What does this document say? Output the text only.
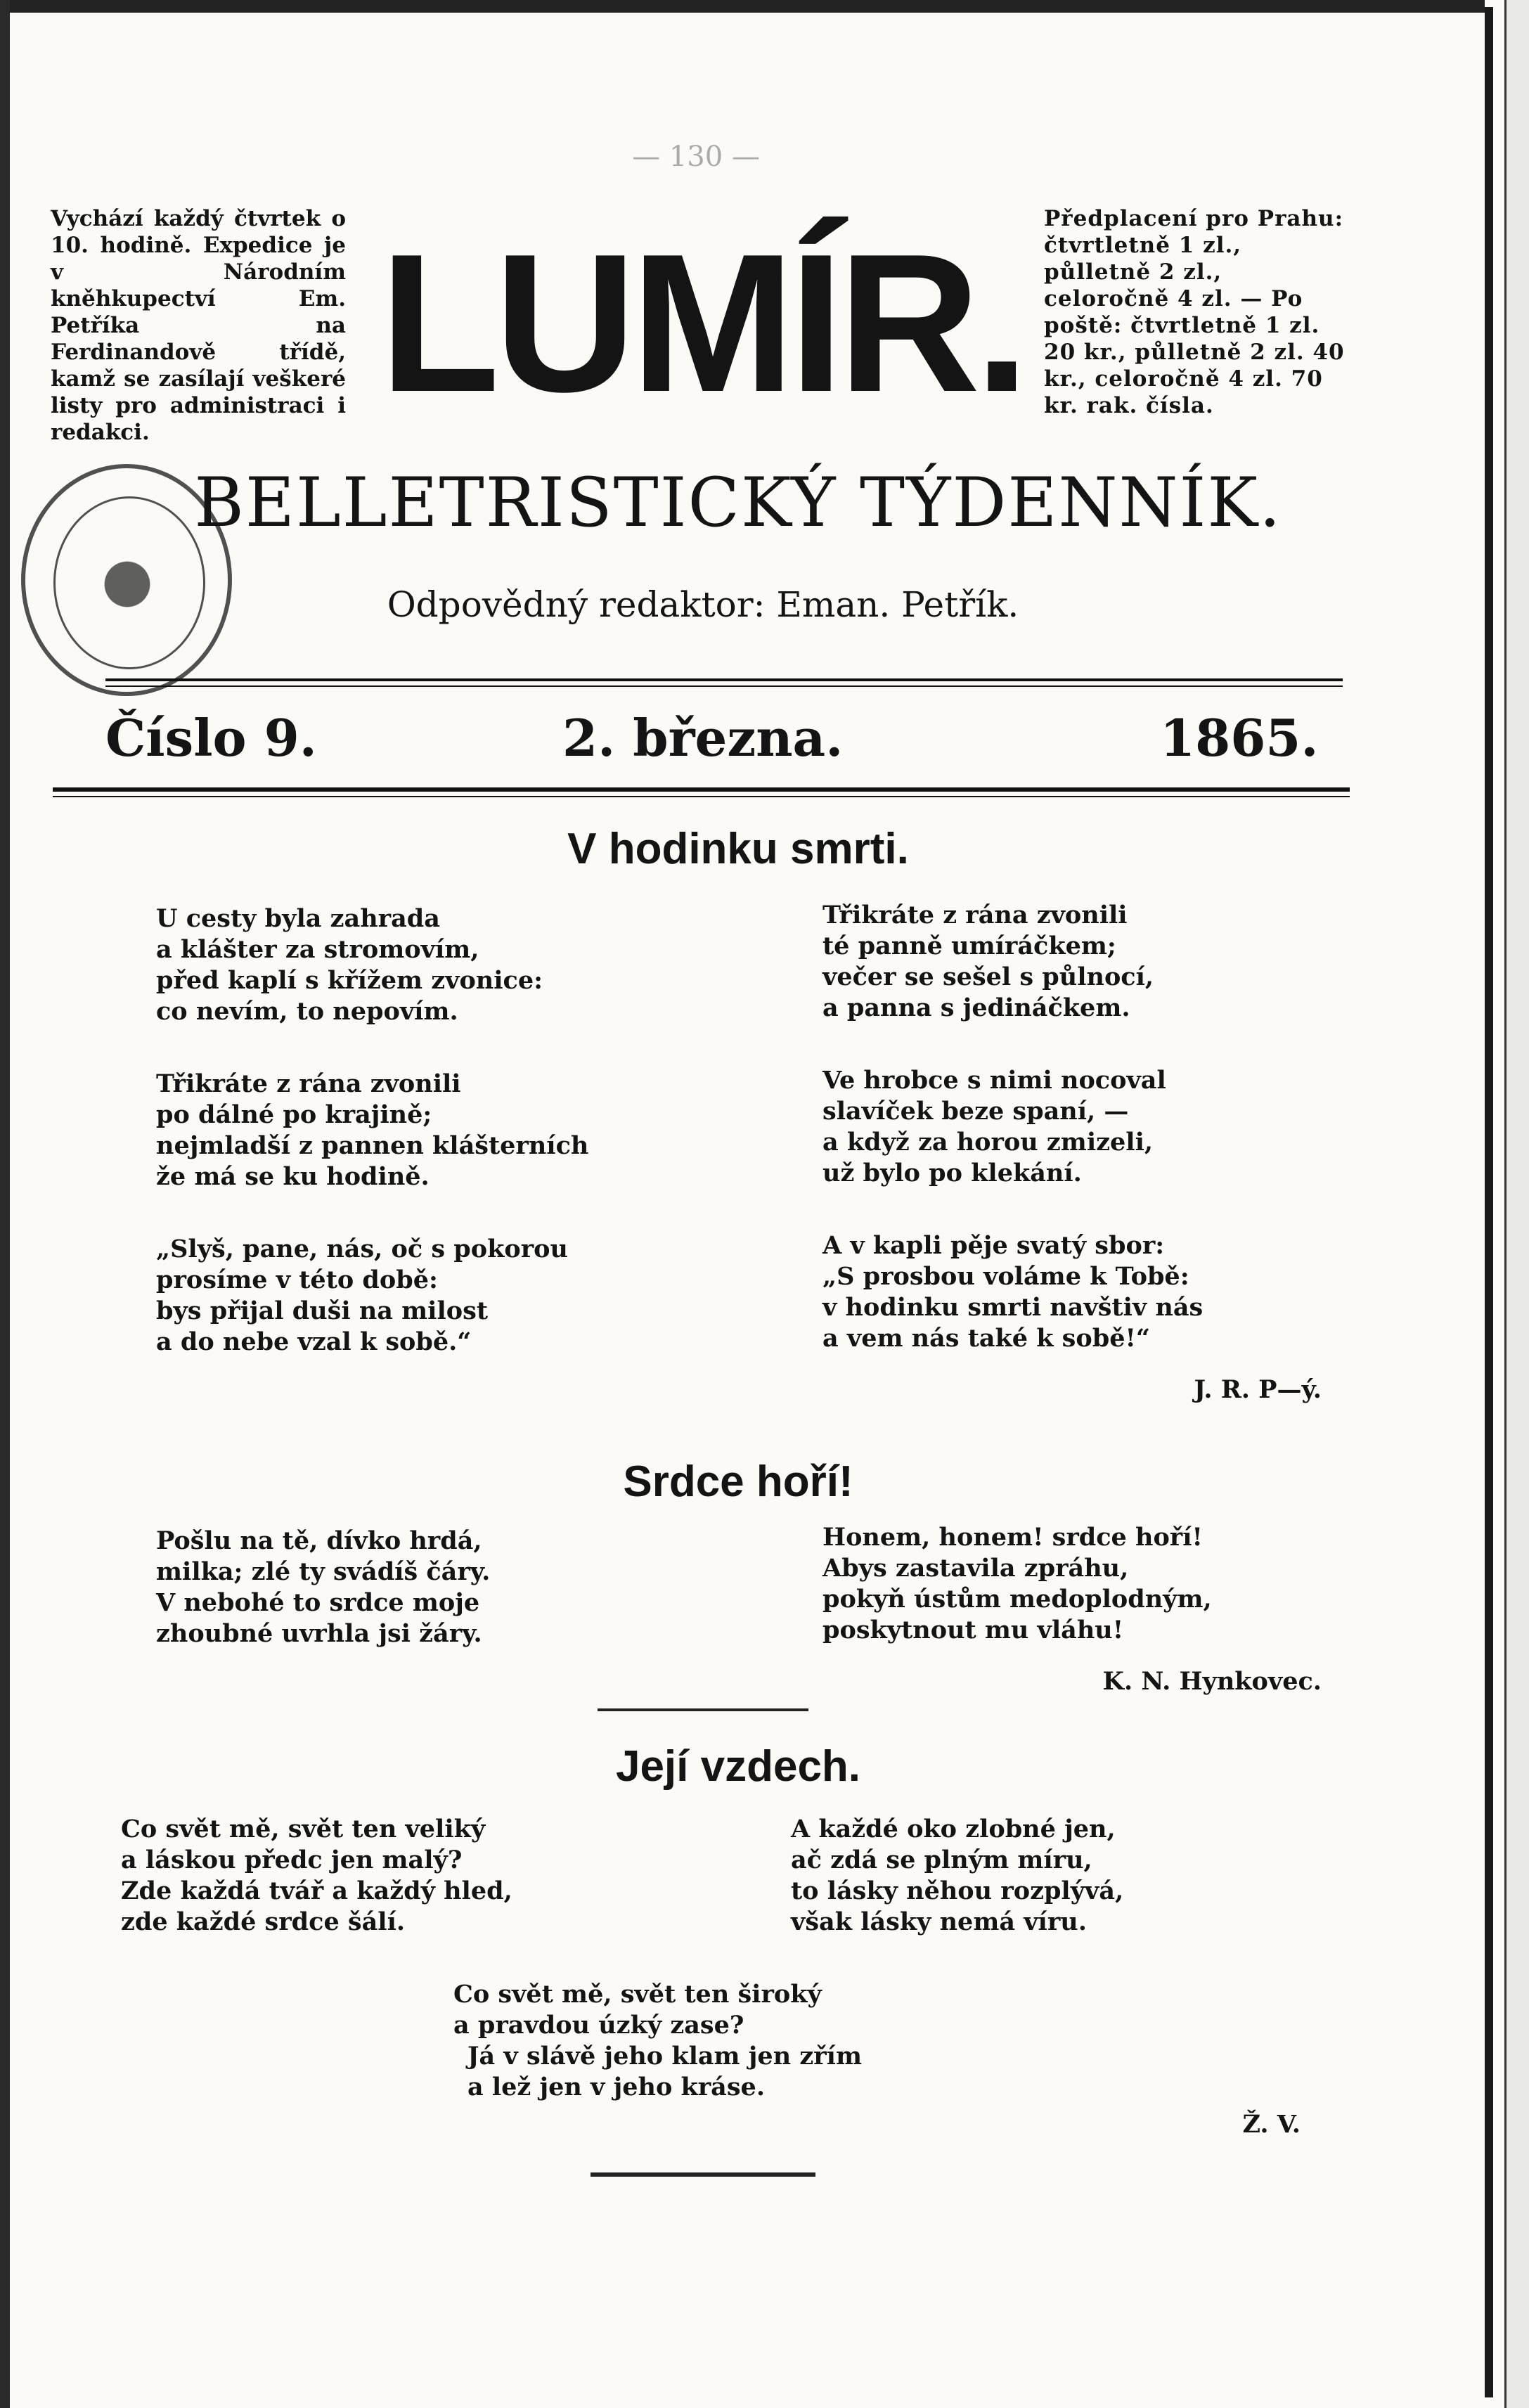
— 130 —
Vychází každý čtvrtek o 10. hodině. Expedice je v Národním kněhkupectví Em. Petříka na Ferdinandově třídě, kamž se zasílají veškeré listy pro administraci i redakci.	LUMÍR. Předplacení pro Prahu: čtvrtletně 1 zl., půlletně 2 zl., celoročně 4 zl. — Po poště: čtvrtletně 1 zl. 20 kr., půlletně 2 zl. 40 kr., celoročně 4 zl. 70 kr. rak. čísla.
BELLETRISTICKÝ TÝDENNÍK.
Odpovědný redaktor: Eman. Petřík.
Číslo 9.	2. března.	1865.
V hodinku smrti.
U cesty byla zahrada
a klášter za stromovím,
před kaplí s křížem zvonice:
co nevím, to nepovím.
Třikráte z rána zvonili
po dálné po krajině;
nejmladší z pannen klášterních
že má se ku hodině.
„Slyš, pane, nás, oč s pokorou
prosíme v této době:
bys přijal duši na milost
a do nebe vzal k sobě.“
Třikráte z rána zvonili
té panně umíráčkem;
večer se sešel s půlnocí,
a panna s jedináčkem.
Ve hrobce s nimi nocoval
slavíček beze spaní, —
a když za horou zmizeli,
už bylo po klekání.
A v kapli pěje svatý sbor:
„S prosbou voláme k Tobě:
v hodinku smrti navštiv nás
a vem nás také k sobě!“
J. R. P—ý.
Srdce hoří!
Pošlu na tě, dívko hrdá,
milka; zlé ty svádíš čáry.
V nebohé to srdce moje
zhoubné uvrhla jsi žáry.
Honem, honem! srdce hoří!
Abys zastavila zpráhu,
pokyň ústům medoplodným,
poskytnout mu vláhu!
K. N. Hynkovec.
Její vzdech.
Co svět mě, svět ten veliký
a láskou předc jen malý?
Zde každá tvář a každý hled,
zde každé srdce šálí.
A každé oko zlobné jen,
ač zdá se plným míru,
to lásky něhou rozplývá,
však lásky nemá víru.
Co svět mě, svět ten široký
a pravdou úzký zase?
Já v slávě jeho klam jen zřím
a lež jen v jeho kráse.
Ž. V.
